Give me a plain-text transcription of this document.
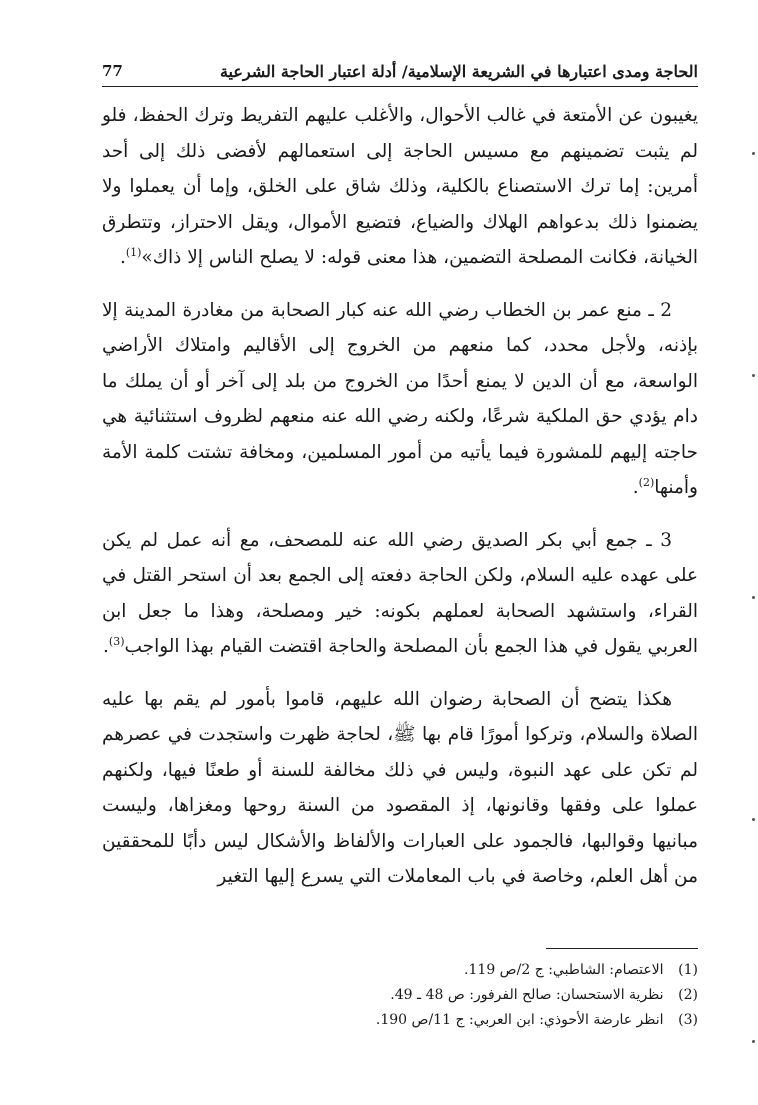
الحاجة ومدى اعتبارها في الشريعة الإسلامية/ أدلة اعتبار الحاجة الشرعية
77

يغيبون عن الأمتعة في غالب الأحوال، والأغلب عليهم التفريط وترك الحفظ، فلو لم يثبت تضمينهم مع مسيس الحاجة إلى استعمالهم لأفضى ذلك إلى أحد أمرين: إما ترك الاستصناع بالكلية، وذلك شاق على الخلق، وإما أن يعملوا ولا يضمنوا ذلك بدعواهم الهلاك والضياع، فتضيع الأموال، ويقل الاحتراز، وتتطرق الخيانة، فكانت المصلحة التضمين، هذا معنى قوله: لا يصلح الناس إلا ذاك»$^{(1)}$.

2 ـ منع عمر بن الخطاب رضي الله عنه كبار الصحابة من مغادرة المدينة إلا بإذنه، ولأجل محدد، كما منعهم من الخروج إلى الأقاليم وامتلاك الأراضي الواسعة، مع أن الدين لا يمنع أحدًا من الخروج من بلد إلى آخر أو أن يملك ما دام يؤدي حق الملكية شرعًا، ولكنه رضي الله عنه منعهم لظروف استثنائية هي حاجته إليهم للمشورة فيما يأتيه من أمور المسلمين، ومخافة تشتت كلمة الأمة وأمنها$^{(2)}$.

3 ـ جمع أبي بكر الصديق رضي الله عنه للمصحف، مع أنه عمل لم يكن على عهده عليه السلام، ولكن الحاجة دفعته إلى الجمع بعد أن استحر القتل في القراء، واستشهد الصحابة لعملهم بكونه: خير ومصلحة، وهذا ما جعل ابن العربي يقول في هذا الجمع بأن المصلحة والحاجة اقتضت القيام بهذا الواجب$^{(3)}$.

هكذا يتضح أن الصحابة رضوان الله عليهم، قاموا بأمور لم يقم بها عليه الصلاة والسلام، وتركوا أمورًا قام بها ﷺ، لحاجة ظهرت واستجدت في عصرهم لم تكن على عهد النبوة، وليس في ذلك مخالفة للسنة أو طعنًا فيها، ولكنهم عملوا على وفقها وقانونها، إذ المقصود من السنة روحها ومغزاها، وليست مبانيها وقوالبها، فالجمود على العبارات والألفاظ والأشكال ليس دأبًا للمحققين من أهل العلم، وخاصة في باب المعاملات التي يسرع إليها التغير

(1) الاعتصام: الشاطبي: ج 2/ص 119.

(2) نظرية الاستحسان: صالح الفرفور: ص 48 ـ 49.

(3) انظر عارضة الأحوذي: ابن العربي: ج 11/ص 190.
